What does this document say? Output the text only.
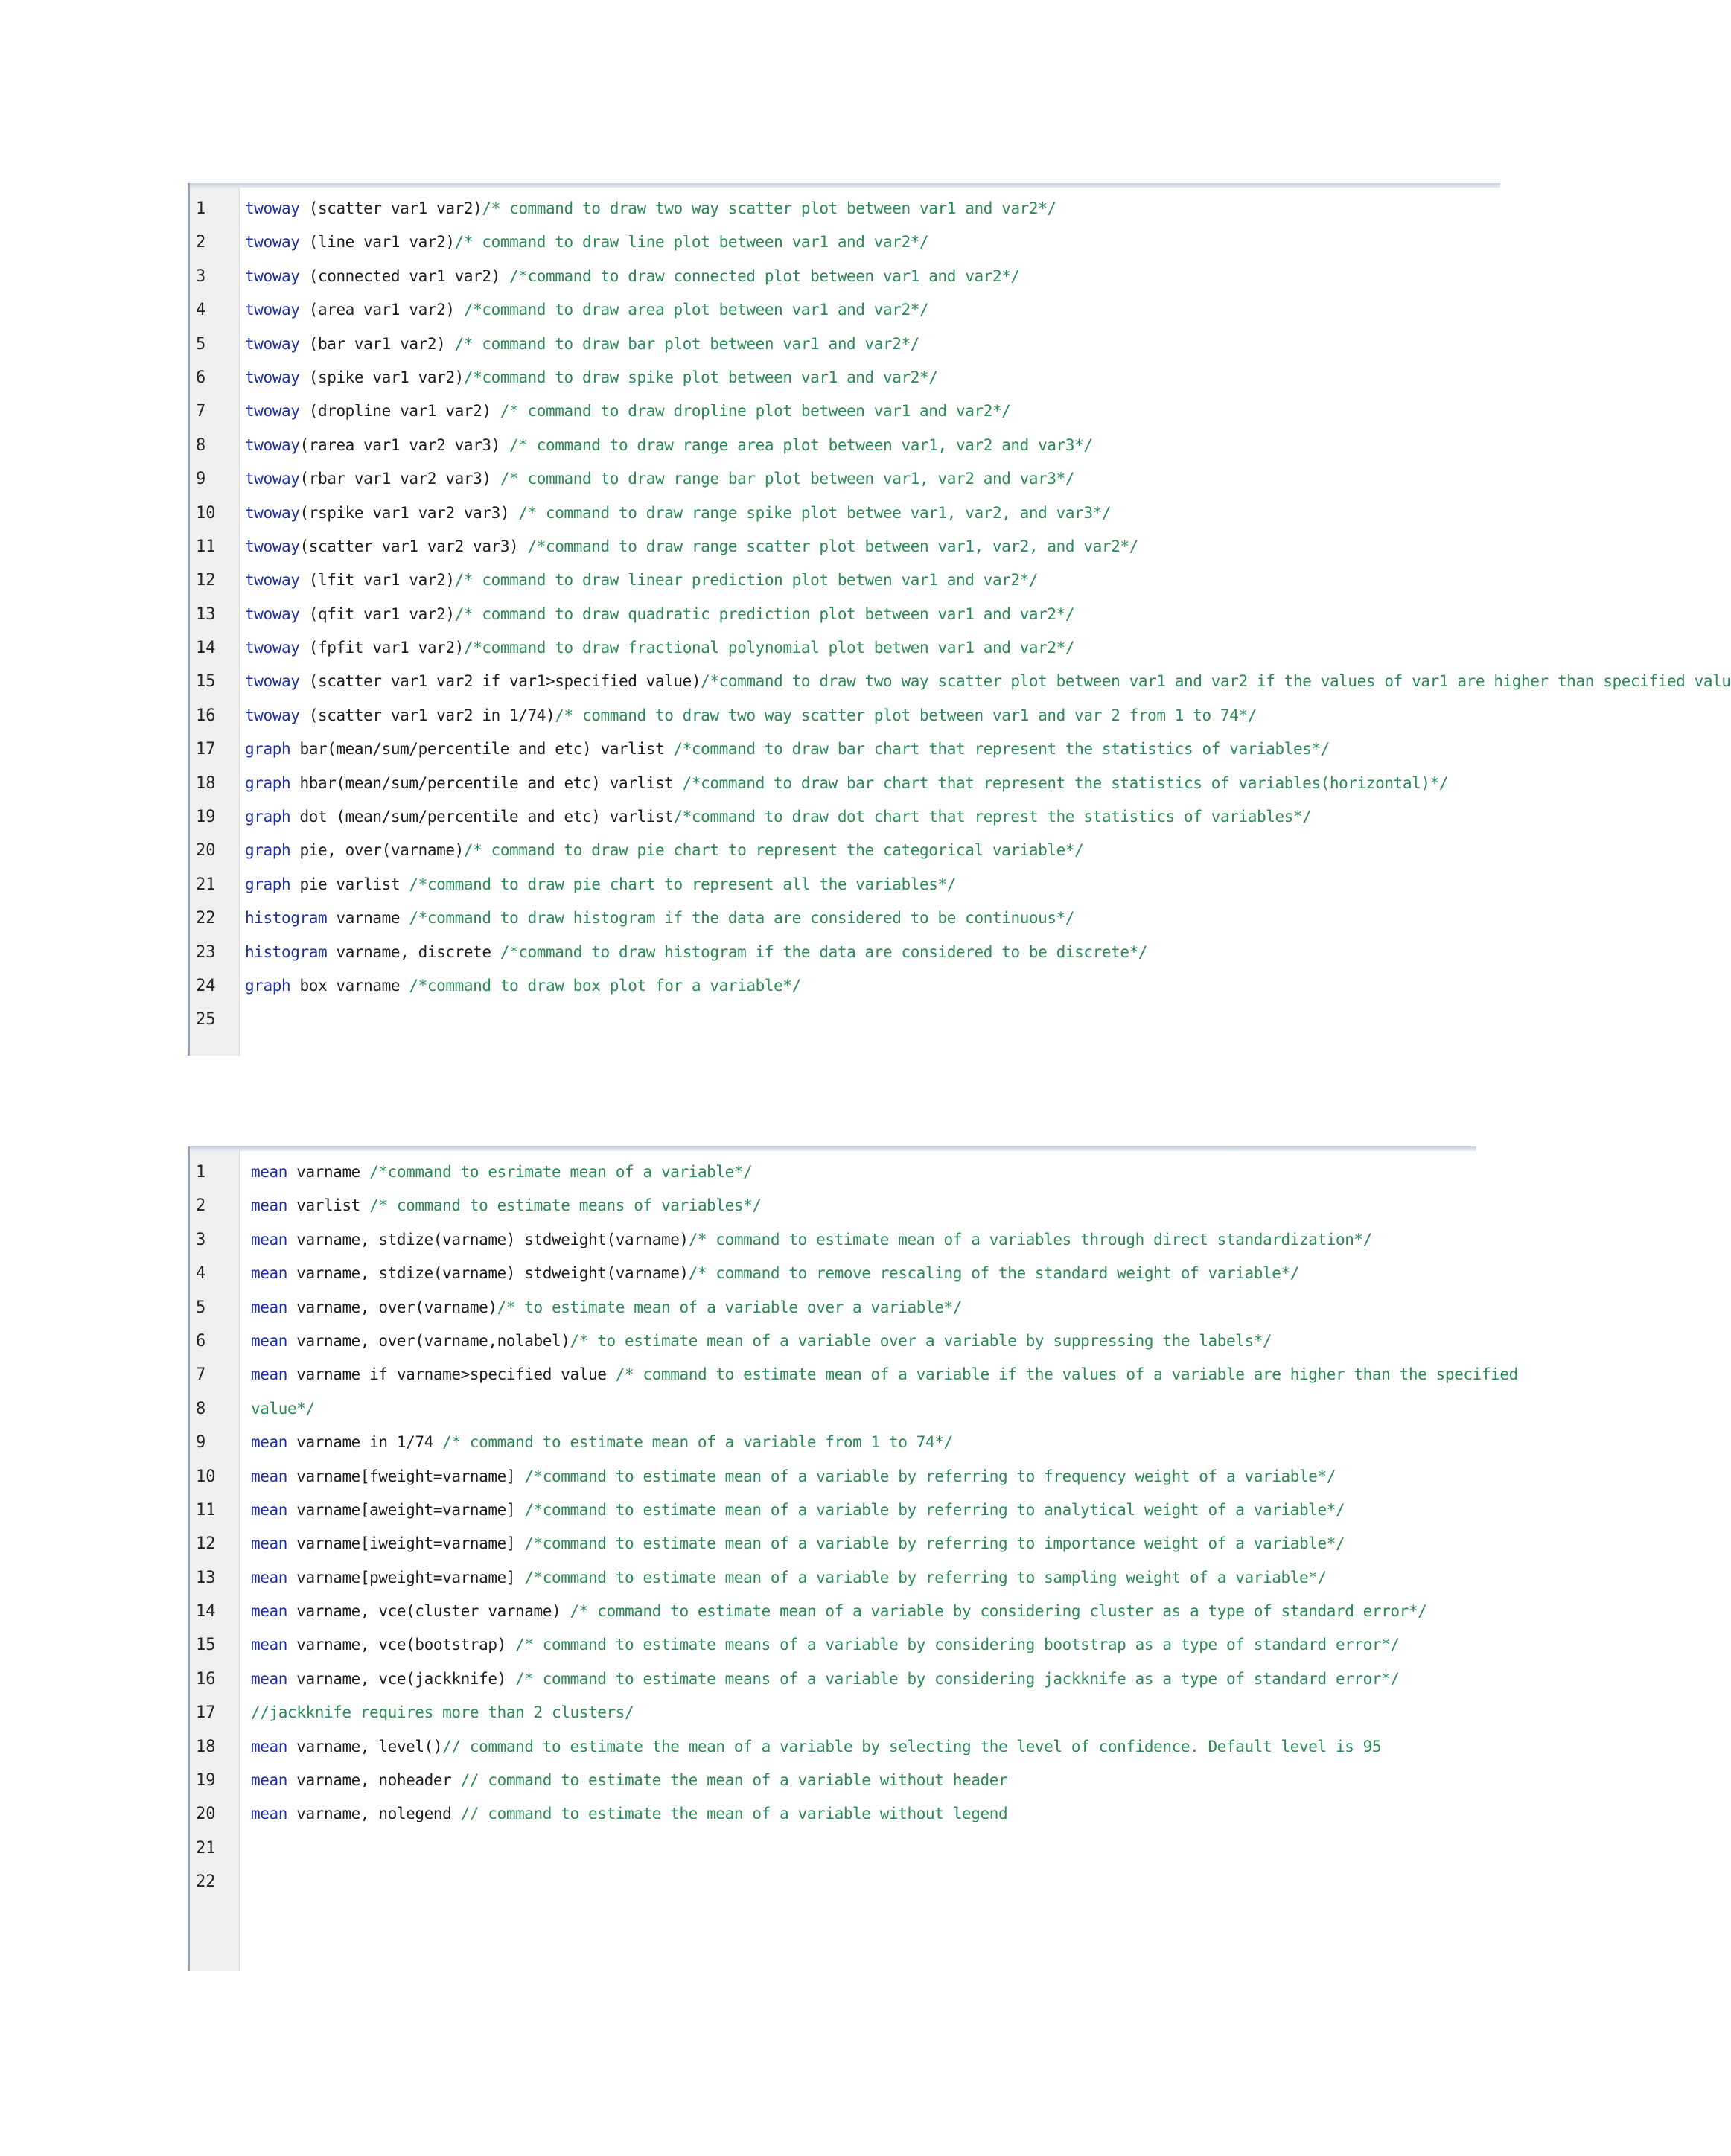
1	twoway (scatter var1 var2)/* command to draw two way scatter plot between var1 and var2*/
2	twoway (line var1 var2)/* command to draw line plot between var1 and var2*/
3	twoway (connected var1 var2) /*command to draw connected plot between var1 and var2*/
4	twoway (area var1 var2) /*command to draw area plot between var1 and var2*/
5	twoway (bar var1 var2) /* command to draw bar plot between var1 and var2*/
6	twoway (spike var1 var2)/*command to draw spike plot between var1 and var2*/
7	twoway (dropline var1 var2) /* command to draw dropline plot between var1 and var2*/
8	twoway(rarea var1 var2 var3) /* command to draw range area plot between var1, var2 and var3*/
9	twoway(rbar var1 var2 var3) /* command to draw range bar plot between var1, var2 and var3*/
10	twoway(rspike var1 var2 var3) /* command to draw range spike plot betwee var1, var2, and var3*/
11	twoway(scatter var1 var2 var3) /*command to draw range scatter plot between var1, var2, and var2*/
12	twoway (lfit var1 var2)/* command to draw linear prediction plot betwen var1 and var2*/
13	twoway (qfit var1 var2)/* command to draw quadratic prediction plot between var1 and var2*/
14	twoway (fpfit var1 var2)/*command to draw fractional polynomial plot betwen var1 and var2*/
15	twoway (scatter var1 var2 if var1>specified value)/*command to draw two way scatter plot between var1 and var2 if the values of var1 are higher than specified valu
16	twoway (scatter var1 var2 in 1/74)/* command to draw two way scatter plot between var1 and var 2 from 1 to 74*/
17	graph bar(mean/sum/percentile and etc) varlist /*command to draw bar chart that represent the statistics of variables*/
18	graph hbar(mean/sum/percentile and etc) varlist /*command to draw bar chart that represent the statistics of variables(horizontal)*/
19	graph dot (mean/sum/percentile and etc) varlist/*command to draw dot chart that represt the statistics of variables*/
20	graph pie, over(varname)/* command to draw pie chart to represent the categorical variable*/
21	graph pie varlist /*command to draw pie chart to represent all the variables*/
22	histogram varname /*command to draw histogram if the data are considered to be continuous*/
23	histogram varname, discrete /*command to draw histogram if the data are considered to be discrete*/
24	graph box varname /*command to draw box plot for a variable*/
25
1	mean varname /*command to esrimate mean of a variable*/
2	mean varlist /* command to estimate means of variables*/
3	mean varname, stdize(varname) stdweight(varname)/* command to estimate mean of a variables through direct standardization*/
4	mean varname, stdize(varname) stdweight(varname)/* command to remove rescaling of the standard weight of variable*/
5	mean varname, over(varname)/* to estimate mean of a variable over a variable*/
6	mean varname, over(varname,nolabel)/* to estimate mean of a variable over a variable by suppressing the labels*/
7	mean varname if varname>specified value /* command to estimate mean of a variable if the values of a variable are higher than the specified
8	value*/
9	mean varname in 1/74 /* command to estimate mean of a variable from 1 to 74*/
10	mean varname[fweight=varname] /*command to estimate mean of a variable by referring to frequency weight of a variable*/
11	mean varname[aweight=varname] /*command to estimate mean of a variable by referring to analytical weight of a variable*/
12	mean varname[iweight=varname] /*command to estimate mean of a variable by referring to importance weight of a variable*/
13	mean varname[pweight=varname] /*command to estimate mean of a variable by referring to sampling weight of a variable*/
14	mean varname, vce(cluster varname) /* command to estimate mean of a variable by considering cluster as a type of standard error*/
15	mean varname, vce(bootstrap) /* command to estimate means of a variable by considering bootstrap as a type of standard error*/
16	mean varname, vce(jackknife) /* command to estimate means of a variable by considering jackknife as a type of standard error*/
17	//jackknife requires more than 2 clusters/
18	mean varname, level()// command to estimate the mean of a variable by selecting the level of confidence. Default level is 95
19	mean varname, noheader // command to estimate the mean of a variable without header
20	mean varname, nolegend // command to estimate the mean of a variable without legend
21
22
